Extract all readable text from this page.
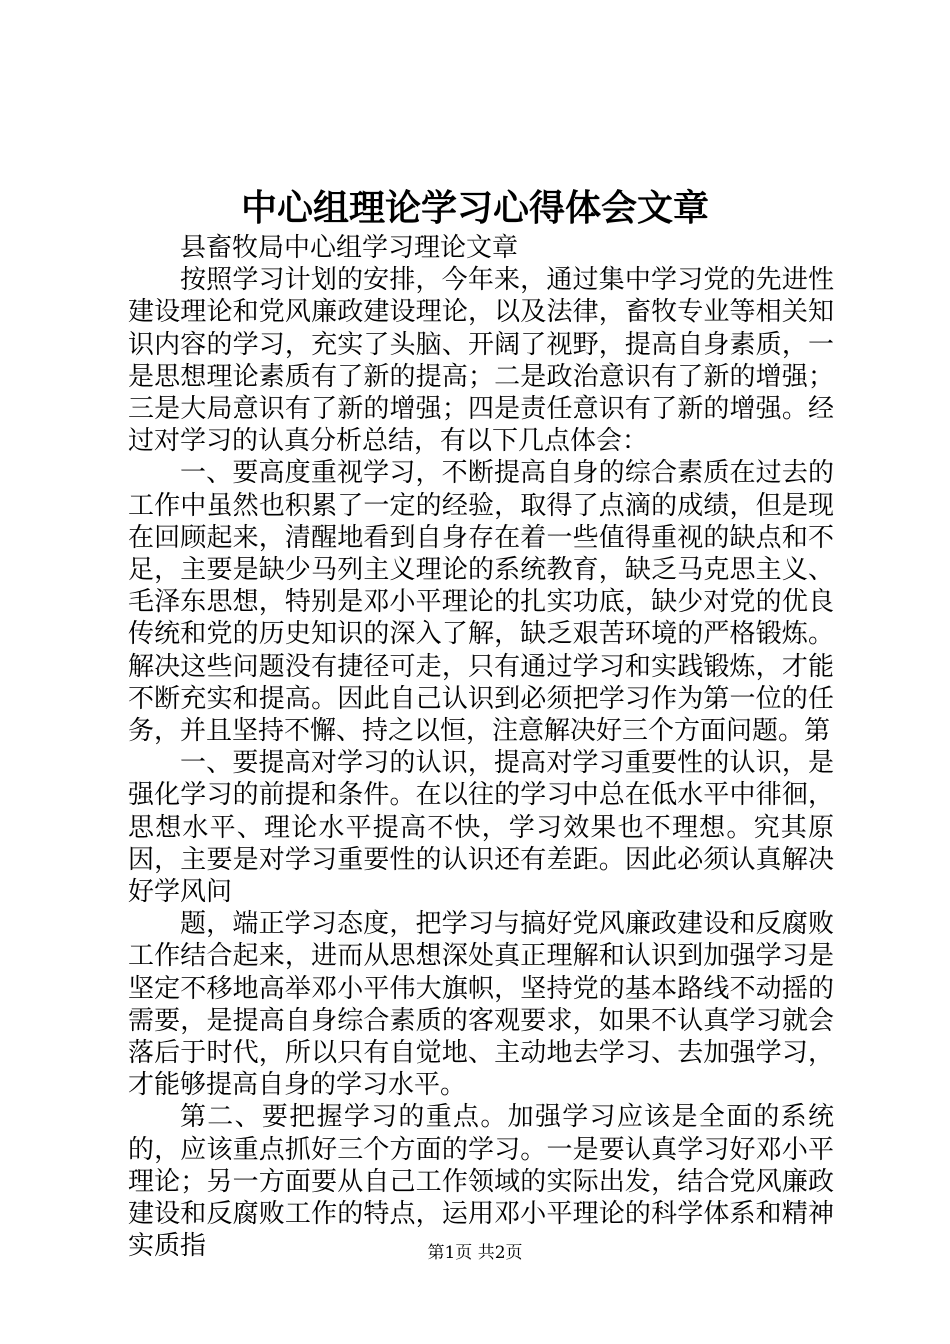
中心组理论学习心得体会文章

县畜牧局中心组学习理论文章

按照学习计划的安排，今年来，通过集中学习党的先进性建设理论和党风廉政建设理论，以及法律，畜牧专业等相关知识内容的学习，充实了头脑、开阔了视野，提高自身素质，一是思想理论素质有了新的提高；二是政治意识有了新的增强；三是大局意识有了新的增强；四是责任意识有了新的增强。经过对学习的认真分析总结，有以下几点体会：

一、要高度重视学习，不断提高自身的综合素质在过去的工作中虽然也积累了一定的经验，取得了点滴的成绩，但是现在回顾起来，清醒地看到自身存在着一些值得重视的缺点和不足，主要是缺少马列主义理论的系统教育，缺乏马克思主义、毛泽东思想，特别是邓小平理论的扎实功底，缺少对党的优良传统和党的历史知识的深入了解，缺乏艰苦环境的严格锻炼。解决这些问题没有捷径可走，只有通过学习和实践锻炼，才能不断充实和提高。因此自己认识到必须把学习作为第一位的任务，并且坚持不懈、持之以恒，注意解决好三个方面问题。第

一、要提高对学习的认识，提高对学习重要性的认识，是强化学习的前提和条件。在以往的学习中总在低水平中徘徊，思想水平、理论水平提高不快，学习效果也不理想。究其原因，主要是对学习重要性的认识还有差距。因此必须认真解决好学风问

题，端正学习态度，把学习与搞好党风廉政建设和反腐败工作结合起来，进而从思想深处真正理解和认识到加强学习是坚定不移地高举邓小平伟大旗帜，坚持党的基本路线不动摇的需要，是提高自身综合素质的客观要求，如果不认真学习就会落后于时代，所以只有自觉地、主动地去学习、去加强学习，才能够提高自身的学习水平。

第二、要把握学习的重点。加强学习应该是全面的系统的，应该重点抓好三个方面的学习。一是要认真学习好邓小平理论；另一方面要从自己工作领域的实际出发，结合党风廉政建设和反腐败工作的特点，运用邓小平理论的科学体系和精神实质指	第1页 共2页
